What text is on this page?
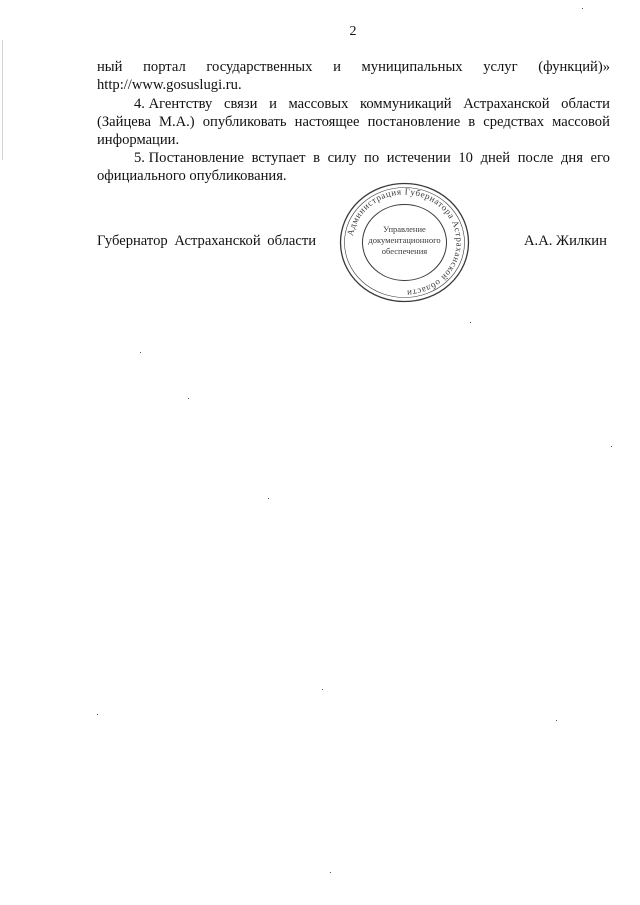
2
ный портал государственных и муниципальных услуг (функций)»
http://www.gosuslugi.ru.
4. Агентству связи и массовых коммуникаций Астраханской области
(Зайцева М.А.) опубликовать настоящее постановление в средствах массовой
информации.
5. Постановление вступает в силу по истечении 10 дней после дня его
официального опубликования.
Губернатор Астраханской области	А.А. Жилкин
Администрация Губернатора Астраханской области
Управление
документационного
обеспечения
